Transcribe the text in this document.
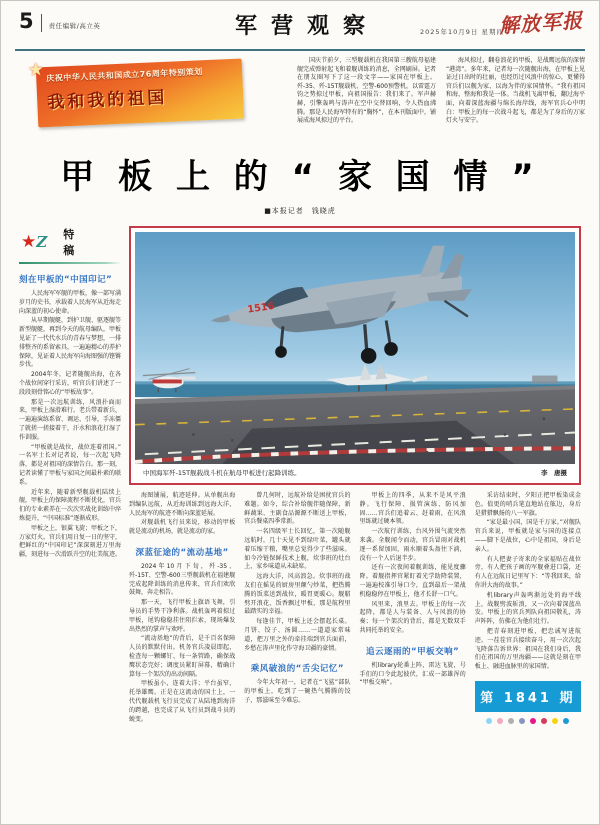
5 责任编辑/高立英	军营观察	2025年10月9日 星期四
解放军报
★ 庆祝中华人民共和国成立76周年特别策划
我和我的祖国

国庆节前夕，三型舰载机在我国第三艘航母福建舰完成弹射起飞和着舰训练的消息，全网刷屏。记者在朋友圈写下了这一段文字——家国在甲板上。歼-35、歼-15T舰载机、空警-600预警机，以雷霆万钧之势掠过甲板，向祖国报告：我们来了。军声赫赫，引擎轰鸣与涛声在空中交替回响，令人热血沸腾。那是人民海军特有的“胸怀”，在本刊版面中，铺展成海风掠过的平台。

海风掠过，翻卷浪花的甲板，是战鹰远航的深情“港湾”。多年来，记者每一次随舰出海，在甲板上见证过日出时的壮丽，也经历过风浪中的惊心，更懂得官兵们以舰为家、以海为伴的家国情怀。“我有祖国和海，整海和我是一体。当战机飞离甲板，翻过海平面，向着深蓝海疆与绵长海岸线，海军官兵心中明白：甲板上的每一次战斗起飞，都是为了身后的万家灯火与安宁。

甲 板 上 的 “ 家 国 情 ”
■本报记者　钱晓虎
★ Z 特　稿
刻在甲板的“中国印记”

人民海军军舰的甲板，像一部写满岁月的史书，承载着人民海军从近海走向深蓝的初心使命。

从早期舰艇，到护卫舰、驱逐舰等新型舰艇，再到今天的航母编队，甲板见证了一代代水兵的青春与梦想，一排排整齐的系留索具，一遍遍精心的养护保障，见证着人民海军向海图强的铿锵步伐。

2004年冬，记者随舰出海，在各个战位间穿行采访，听官兵们讲述了一段段刻骨铭心的“甲板故事”。

那是一次远航训练，风浪扑面而来，甲板上湿滑难行。老兵带着新兵，一遍遍演练系留、调运、引导，手冻僵了就搓一搓接着干，汗水和浪花打湿了作训服。

“甲板就是战位，战位连着祖国。”一名军士长对记者说，每一次起飞降落，都是对祖国的深情告白。那一刻，记者读懂了甲板与家国之间最朴素的联系。

近年来，随着新型舰载机陆续上舰，甲板上的保障流程不断优化，官兵们的专业素养在一次次实战化训练中淬炼提升，“中国标准”逐渐成形。

甲板之上，银翼飞旋；甲板之下，万家灯火。官兵们用日复一日的坚守，把鲜红的“中国印记”深深刻进万里海疆，刻进每一次滑跃升空的壮美航迹。

1516
中国海军歼-15T舰载战斗机在航母甲板进行起降训练。	李　唐摄

海图铺展，航迹延伸。从单舰出海到编队远航，从近海训练到远海大洋，人民海军的航迹不断向深蓝延展。

对舰载机飞行员来说，移动的甲板就是流动的机场，就是流动的家。

深蓝征途的“流动基地”

2024年10月下旬，歼-35、歼-15T、空警-600三型舰载机在福建舰完成起降训练的消息传来，官兵们欢欣鼓舞，奔走相告。

那一天，飞行甲板上旗语飞舞，引导员的手势干净利落。战机轰鸣着掠过甲板，尾钩稳稳挂住阻拦索，现场爆发出热烈的掌声与欢呼。

“流动基地”的背后，是千百名保障人员的默默付出。机务官兵凌晨即起，检查每一颗螺钉、每一条管路，确保战鹰状态完好；调度员紧盯屏幕，精确计算每一个架次的出动间隔。

甲板虽小，连着大洋；平台虽窄，托举雄鹰。正是在这流动的国土上，一代代舰载机飞行员完成了从陆地到海洋的跨越，也完成了从飞行员到战斗员的蜕变。

曾几何时，远航补给是困扰官兵的难题。如今，综合补给舰伴随保障，新鲜蔬果、主副食品源源不断送上甲板，官兵餐桌四季常新。

一名四级军士长回忆，第一次随舰远航时，几十天见不到绿叶菜，罐头就着压缩干粮，嘴里总觉得少了些滋味。如今冷链保鲜技术上舰，炊事班的灶台上，家乡味道从未缺席。

远海大洋，风高浪急。炊事班的战友们在摇晃的厨房里颠勺炒菜，把热腾腾的饭菜送到战位，暖胃更暖心。舰艏劈开浪花，饭香飘过甲板，那是航程里最踏实的幸福。

每逢佳节，甲板上还会摆起长桌。月饼、饺子、汤圆……一道道家常味道，把万里之外的牵挂端到官兵面前，乡愁在涛声里化作守海卫疆的豪情。

乘风破浪的“舌尖记忆”

今年大年初一，记者在“飞鲨”部队的甲板上，吃到了一碗热气腾腾的饺子，那滋味至今难忘。

甲板上的四季，从来不是风平浪静。飞行保障、损管演练、防风加固……官兵们追着云、赶着雨，在风浪里练就过硬本领。

一次航行训练，台风外围气流突然来袭。全舰闻令而动，官兵冒雨对战机逐一系留加固，雨水顺着头盔往下淌，没有一个人后退半步。

还有一次夜间着舰训练，能见度骤降。着舰指挥官紧盯着光学助降装置，一遍遍校准引导口令，直到最后一架战机稳稳停在甲板上，他才长舒一口气。

风里来，浪里去。甲板上的每一次起降，都是人与装备、人与风浪的协奏；每一个架次的背后，都是无数双手共同托举的安全。

追云逐雨的“甲板交响”

机library轮番上阵，雷达飞旋，号手们的口令此起彼伏，汇成一部雄浑的“甲板交响”。

采访结束时，夕阳正把甲板染成金色。值更的哨兵笔直地站在舷边，身后是猎猎飘扬的八一军旗。

“家是最小国，国是千万家。”对舰队官兵来说，甲板就是家与国的连接点——脚下是战位，心中是祖国，身后是亲人。

有人把妻子寄来的全家福贴在战位旁，有人把孩子画的军舰叠进口袋，还有人在远航日记里写下：“等我回来，给你讲大海的故事。”

机library声轰鸣渐远处的海平线上，战舰劈波斩浪，又一次向着深蓝出发。甲板上的官兵列队向祖国敬礼，涛声阵阵，仿佛在为他们壮行。

把青春刻进甲板，把忠诚写进航迹。一茬茬官兵接续奋斗，用一次次起飞降落告诉世界：祖国在我们身后，我们在祖国的万里海疆——这就是刻在甲板上、融进血脉里的家国情。

第 1841 期
